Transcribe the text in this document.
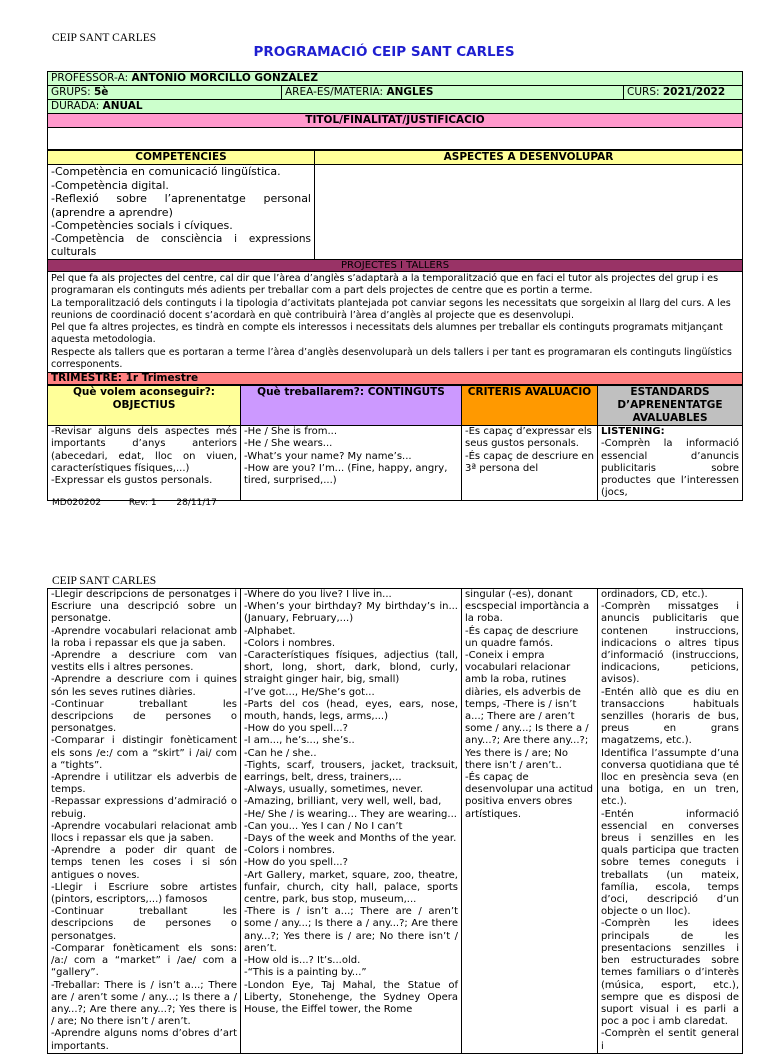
CEIP SANT CARLES
PROGRAMACIÓ CEIP SANT CARLES
PROFESSOR-A: ANTONIO MORCILLO GONZÁLEZ
GRUPS: 5è	AREA-ES/MATERIA: ANGLES	CURS: 2021/2022
DURADA: ANUAL
TITOL/FINALITAT/JUSTIFICACIO

COMPETENCIES	ASPECTES A DESENVOLUPAR

-Competència en comunicació lingüística.
-Competència digital.
-Reflexió sobre l’aprenentatge personal (aprendre a aprendre)
-Competències socials i cíviques.
-Competència de consciència i expressions culturals	

PROJECTES I TALLERS

Pel que fa als projectes del centre, cal dir que l’àrea d’anglès s’adaptarà a la temporalització que en faci el tutor als projectes del grup i es programaran els continguts més adients per treballar com a part dels projectes de centre que es portin a terme.
La temporalització dels continguts i la tipologia d’activitats plantejada pot canviar segons les necessitats que sorgeixin al llarg del curs. A les reunions de coordinació docent s’acordarà en què contribuirà l’àrea d’anglès al projecte que es desenvolupi.
Pel que fa altres projectes, es tindrà en compte els interessos i necessitats dels alumnes per treballar els continguts programats mitjançant aquesta metodologia.
Respecte als tallers que es portaran a terme l’àrea d’anglès desenvoluparà un dels tallers i per tant es programaran els continguts lingüístics corresponents.

TRIMESTRE: 1r Trimestre
Què volem aconseguir?: OBJECTIUS	Què treballarem?: CONTINGUTS	CRITERIS AVALUACIO	ESTANDARDS D’APRENENTATGE AVALUABLES
-Revisar alguns dels aspectes més importants d’anys anteriors (abecedari, edat, lloc on viuen, característiques físiques,...)
-Expressar els gustos personals.	-He / She is from...
-He / She wears...
-What’s your name? My name’s...
-How are you? I’m... (Fine, happy, angry, tired, surprised,...)	-Es capaç d’expressar els seus gustos personals.
-És capaç de descriure en 3ª persona del	LISTENING:
-Comprèn la informació essencial d’anuncis publicitaris sobre productes que l’interessen (jocs,
MD020202	Rev: 1 28/11/17
CEIP SANT CARLES
-Llegir descripcions de personatges i Escriure una descripció sobre un personatge.
-Aprendre vocabulari relacionat amb la roba i repassar els que ja saben.
-Aprendre a descriure com van vestits ells i altres persones.
-Aprendre a descriure com i quines són les seves rutines diàries.
-Continuar treballant les descripcions de persones o personatges.
-Comparar i distingir fonèticament els sons /e:/ com a “skirt” i /ai/ com a “tights”.
-Aprendre i utilitzar els adverbis de temps.
-Repassar expressions d’admiració o rebuig.
-Aprendre vocabulari relacionat amb llocs i repassar els que ja saben.
-Aprendre a poder dir quant de temps tenen les coses i si són antigues o noves.
-Llegir i Escriure sobre artistes (pintors, escriptors,...) famosos
-Continuar treballant les descripcions de persones o personatges.
-Comparar fonèticament els sons: /a:/ com a “market” i /ae/ com a “gallery”.
-Treballar: There is / isn’t a...; There are / aren’t some / any...; Is there a / any...?; Are there any...?; Yes there is / are; No there isn’t / aren’t.
-Aprendre alguns noms d’obres d’art importants.	-Where do you live? I live in...
-When’s your birthday? My birthday’s in... (January, February,...)
-Alphabet.
-Colors i nombres.
-Característiques físiques, adjectius (tall, short, long, short, dark, blond, curly, straight ginger hair, big, small)
-I’ve got..., He/She’s got...
-Parts del cos (head, eyes, ears, nose, mouth, hands, legs, arms,...)
-How do you spell...?
-I am..., he’s..., she’s..
-Can he / she..
-Tights, scarf, trousers, jacket, tracksuit, earrings, belt, dress, trainers,...
-Always, usually, sometimes, never.
-Amazing, brilliant, very well, well, bad,
-He/ She / is wearing... They are wearing...
-Can you... Yes I can / No I can’t
-Days of the week and Months of the year.
-Colors i nombres.
-How do you spell...?
-Art Gallery, market, square, zoo, theatre, funfair, church, city hall, palace, sports centre, park, bus stop, museum,...
-There is / isn’t a...; There are / aren’t some / any...; Is there a / any...?; Are there any...?; Yes there is / are; No there isn’t / aren’t.
-How old is...? It’s...old.
-“This is a painting by...”
-London Eye, Taj Mahal, the Statue of Liberty, Stonehenge, the Sydney Opera House, the Eiffel tower, the Rome	singular (-es), donant escspecial importància a la roba.
-És capaç de descriure un quadre famós.
-Coneix i empra vocabulari relacionar amb la roba, rutines diàries, els adverbis de temps, -There is / isn’t a...; There are / aren’t some / any...; Is there a / any...?; Are there any...?; Yes there is / are; No there isn’t / aren’t..
-És capaç de desenvolupar una actitud positiva envers obres artístiques.	ordinadors, CD, etc.).
-Comprèn missatges i anuncis publicitaris que contenen instruccions, indicacions o altres tipus d’informació (instruccions, indicacions, peticions, avisos).
-Entén allò que es diu en transaccions habituals senzilles (horaris de bus, preus en grans magatzems, etc.).
Identifica l’assumpte d’una conversa quotidiana que té lloc en presència seva (en una botiga, en un tren, etc.).
-Entén informació essencial en converses breus i senzilles en les quals participa que tracten sobre temes coneguts i treballats (un mateix, família, escola, temps d’oci, descripció d’un objecte o un lloc).
-Comprèn les idees principals de les presentacions senzilles i ben estructurades sobre temes familiars o d’interès (música, esport, etc.), sempre que es disposi de suport visual i es parli a poc a poc i amb claredat.
-Comprèn el sentit general i
